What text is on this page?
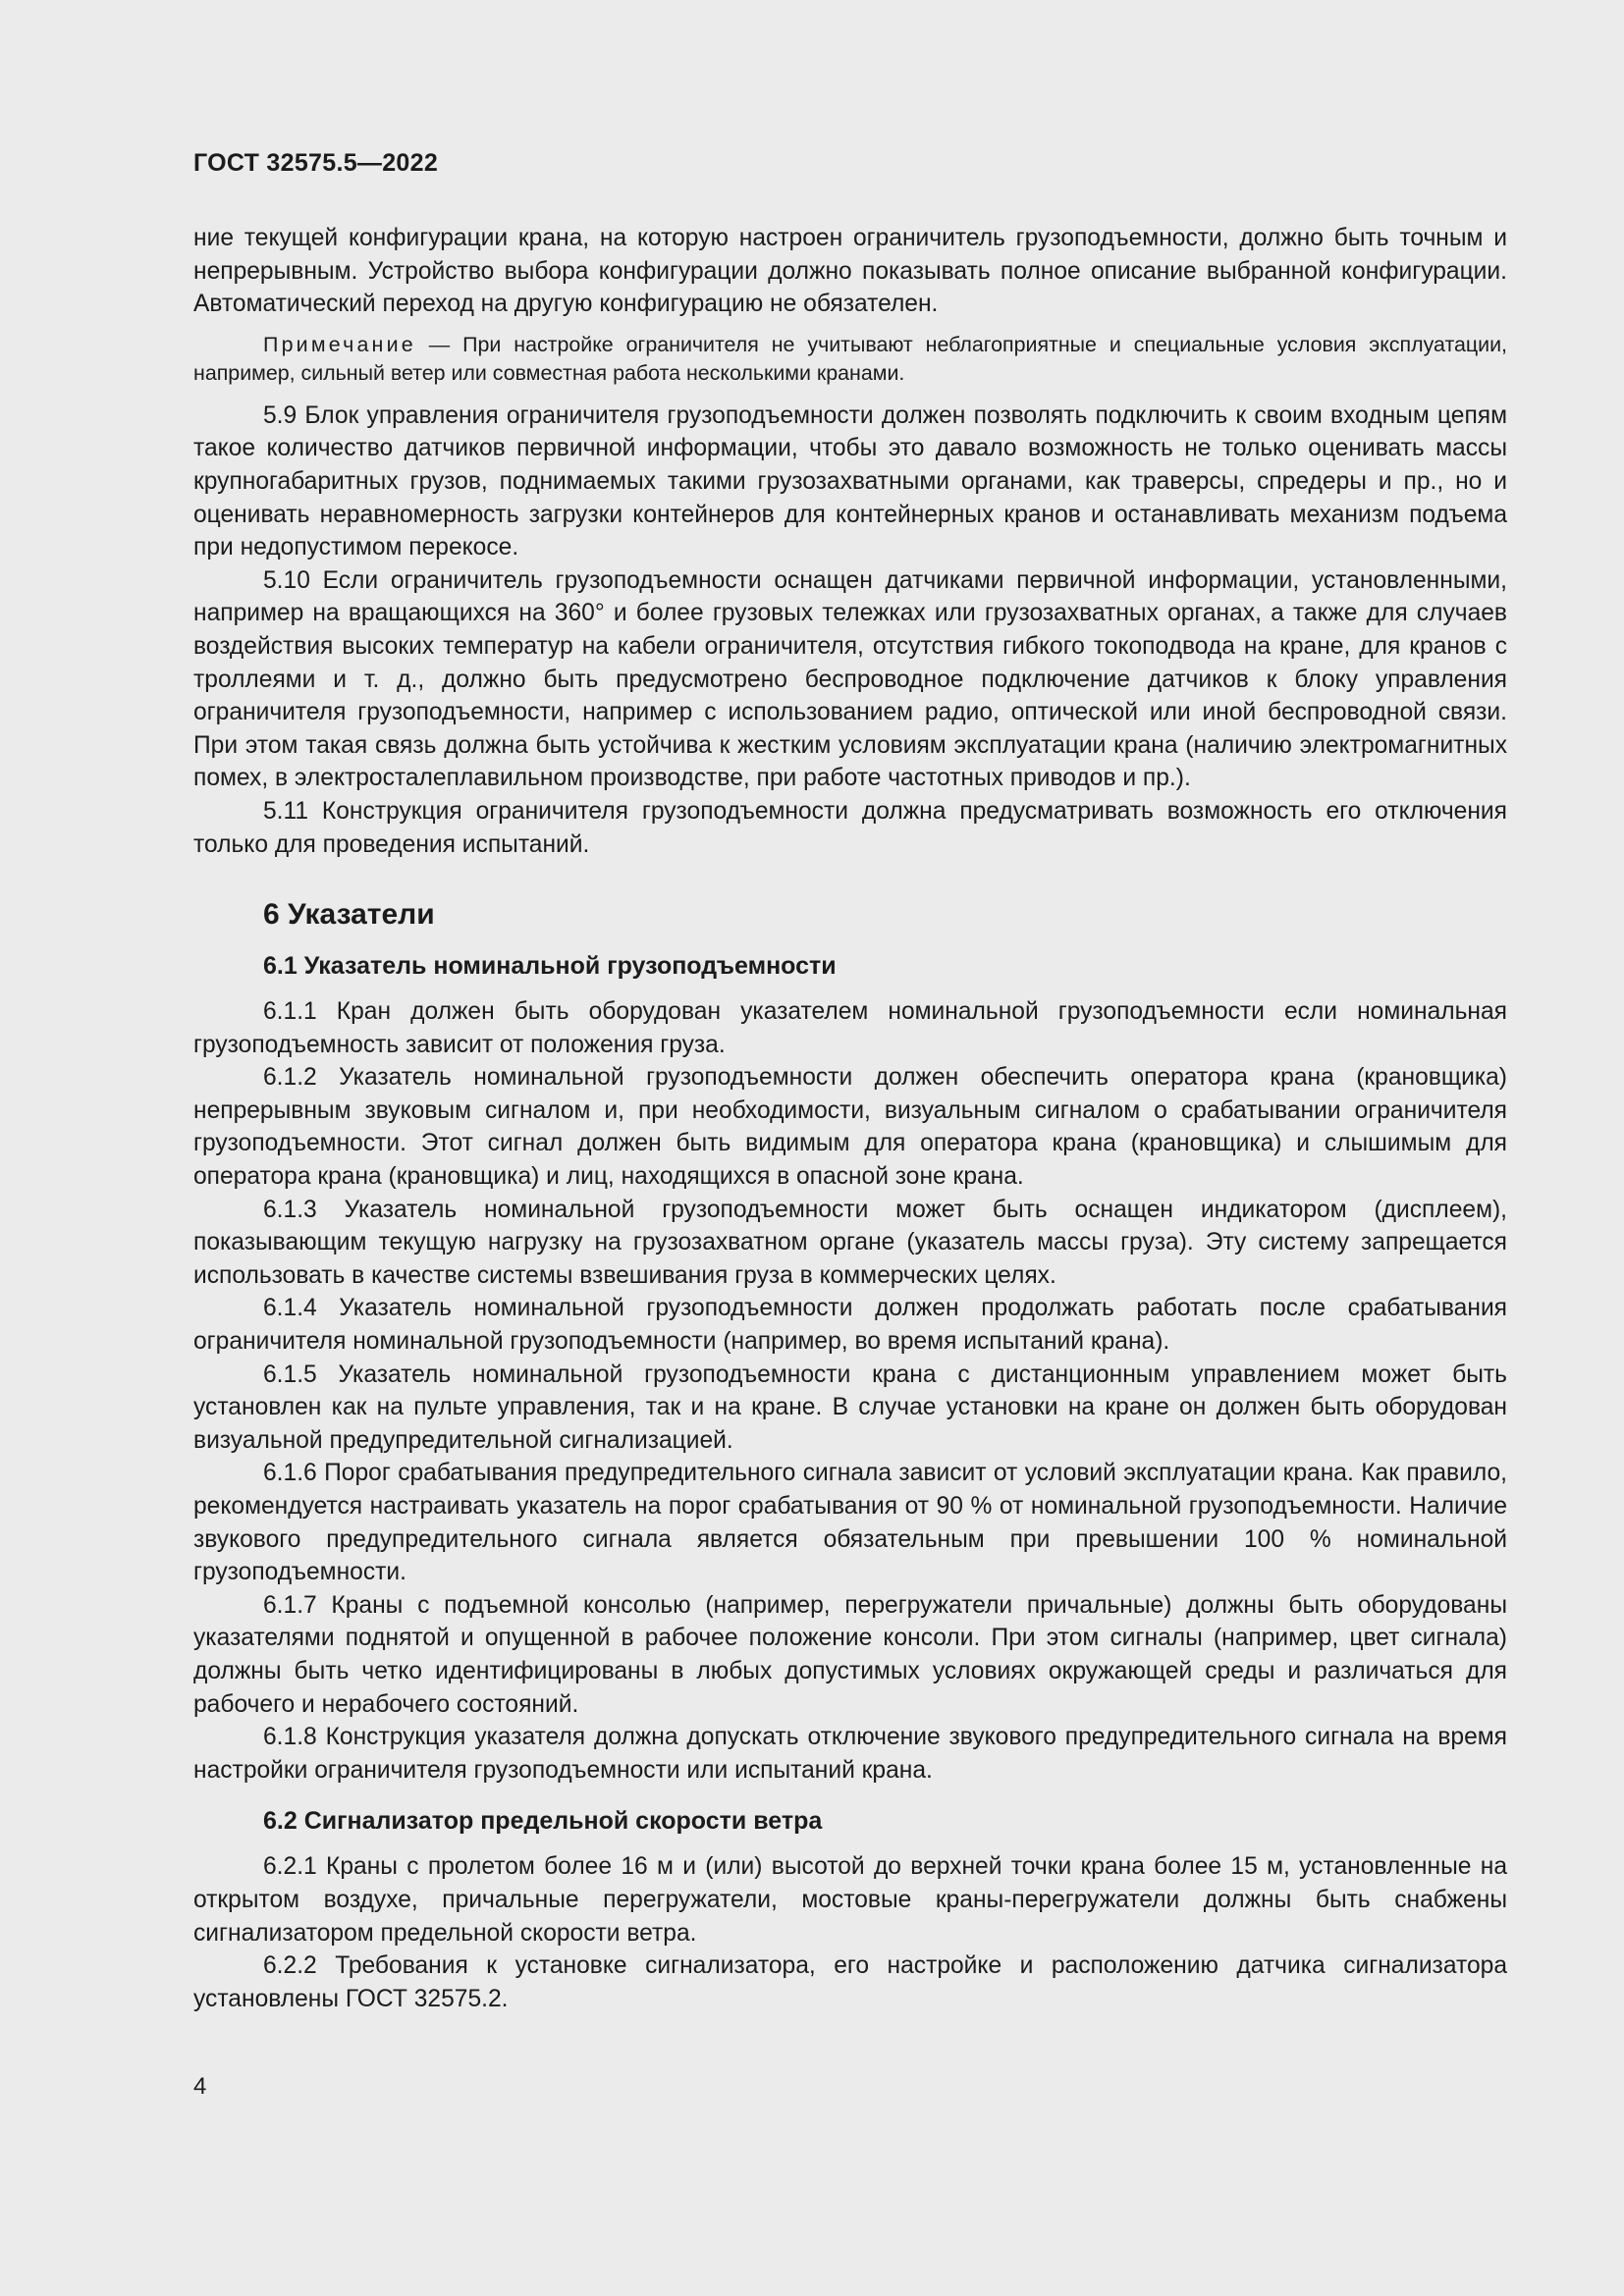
ГОСТ 32575.5—2022

ние текущей конфигурации крана, на которую настроен ограничитель грузоподъемности, должно быть точным и непрерывным. Устройство выбора конфигурации должно показывать полное описание выбранной конфигурации. Автоматический переход на другую конфигурацию не обязателен.

Примечание — При настройке ограничителя не учитывают неблагоприятные и специальные условия эксплуатации, например, сильный ветер или совместная работа несколькими кранами.

5.9 Блок управления ограничителя грузоподъемности должен позволять подключить к своим входным цепям такое количество датчиков первичной информации, чтобы это давало возможность не только оценивать массы крупногабаритных грузов, поднимаемых такими грузозахватными органами, как траверсы, спредеры и пр., но и оценивать неравномерность загрузки контейнеров для контейнерных кранов и останавливать механизм подъема при недопустимом перекосе.

5.10 Если ограничитель грузоподъемности оснащен датчиками первичной информации, установленными, например на вращающихся на 360° и более грузовых тележках или грузозахватных органах, а также для случаев воздействия высоких температур на кабели ограничителя, отсутствия гибкого токоподвода на кране, для кранов с троллеями и т. д., должно быть предусмотрено беспроводное подключение датчиков к блоку управления ограничителя грузоподъемности, например с использованием радио, оптической или иной беспроводной связи. При этом такая связь должна быть устойчива к жестким условиям эксплуатации крана (наличию электромагнитных помех, в электросталеплавильном производстве, при работе частотных приводов и пр.).

5.11 Конструкция ограничителя грузоподъемности должна предусматривать возможность его отключения только для проведения испытаний.

6 Указатели
6.1 Указатель номинальной грузоподъемности

6.1.1 Кран должен быть оборудован указателем номинальной грузоподъемности если номинальная грузоподъемность зависит от положения груза.

6.1.2 Указатель номинальной грузоподъемности должен обеспечить оператора крана (крановщика) непрерывным звуковым сигналом и, при необходимости, визуальным сигналом о срабатывании ограничителя грузоподъемности. Этот сигнал должен быть видимым для оператора крана (крановщика) и слышимым для оператора крана (крановщика) и лиц, находящихся в опасной зоне крана.

6.1.3 Указатель номинальной грузоподъемности может быть оснащен индикатором (дисплеем), показывающим текущую нагрузку на грузозахватном органе (указатель массы груза). Эту систему запрещается использовать в качестве системы взвешивания груза в коммерческих целях.

6.1.4 Указатель номинальной грузоподъемности должен продолжать работать после срабатывания ограничителя номинальной грузоподъемности (например, во время испытаний крана).

6.1.5 Указатель номинальной грузоподъемности крана с дистанционным управлением может быть установлен как на пульте управления, так и на кране. В случае установки на кране он должен быть оборудован визуальной предупредительной сигнализацией.

6.1.6 Порог срабатывания предупредительного сигнала зависит от условий эксплуатации крана. Как правило, рекомендуется настраивать указатель на порог срабатывания от 90 % от номинальной грузоподъемности. Наличие звукового предупредительного сигнала является обязательным при превышении 100 % номинальной грузоподъемности.

6.1.7 Краны с подъемной консолью (например, перегружатели причальные) должны быть оборудованы указателями поднятой и опущенной в рабочее положение консоли. При этом сигналы (например, цвет сигнала) должны быть четко идентифицированы в любых допустимых условиях окружающей среды и различаться для рабочего и нерабочего состояний.

6.1.8 Конструкция указателя должна допускать отключение звукового предупредительного сигнала на время настройки ограничителя грузоподъемности или испытаний крана.

6.2 Сигнализатор предельной скорости ветра

6.2.1 Краны с пролетом более 16 м и (или) высотой до верхней точки крана более 15 м, установленные на открытом воздухе, причальные перегружатели, мостовые краны-перегружатели должны быть снабжены сигнализатором предельной скорости ветра.

6.2.2 Требования к установке сигнализатора, его настройке и расположению датчика сигнализатора установлены ГОСТ 32575.2.

4
